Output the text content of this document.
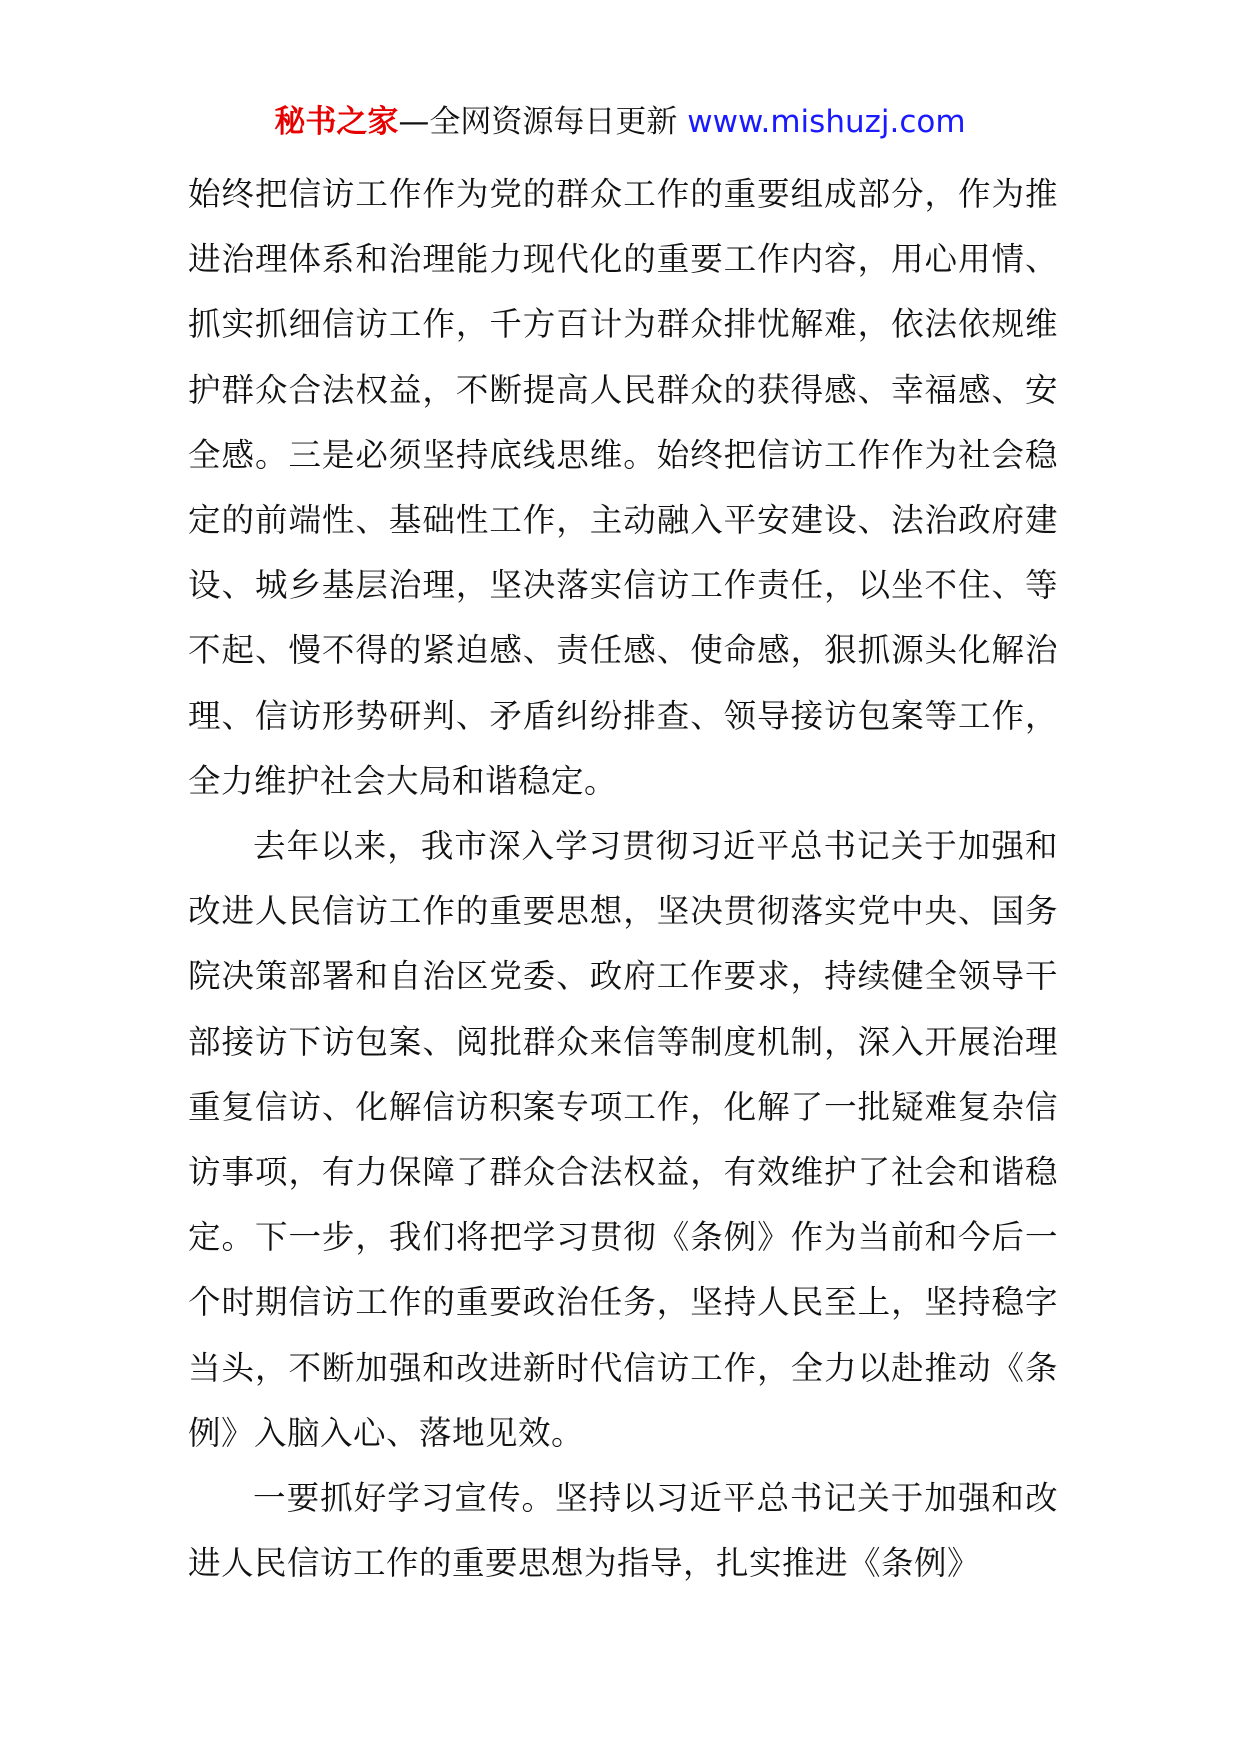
秘书之家—全网资源每日更新 www.mishuzj.com

始终把信访工作作为党的群众工作的重要组成部分，作为推进治理体系和治理能力现代化的重要工作内容，用心用情、抓实抓细信访工作，千方百计为群众排忧解难，依法依规维护群众合法权益，不断提高人民群众的获得感、幸福感、安全感。三是必须坚持底线思维。始终把信访工作作为社会稳定的前端性、基础性工作，主动融入平安建设、法治政府建设、城乡基层治理，坚决落实信访工作责任，以坐不住、等不起、慢不得的紧迫感、责任感、使命感，狠抓源头化解治理、信访形势研判、矛盾纠纷排查、领导接访包案等工作，全力维护社会大局和谐稳定。

去年以来，我市深入学习贯彻习近平总书记关于加强和改进人民信访工作的重要思想，坚决贯彻落实党中央、国务院决策部署和自治区党委、政府工作要求，持续健全领导干部接访下访包案、阅批群众来信等制度机制，深入开展治理重复信访、化解信访积案专项工作，化解了一批疑难复杂信访事项，有力保障了群众合法权益，有效维护了社会和谐稳定。下一步，我们将把学习贯彻《条例》作为当前和今后一个时期信访工作的重要政治任务，坚持人民至上，坚持稳字当头，不断加强和改进新时代信访工作，全力以赴推动《条例》入脑入心、落地见效。

一要抓好学习宣传。坚持以习近平总书记关于加强和改进人民信访工作的重要思想为指导，扎实推进《条例》
